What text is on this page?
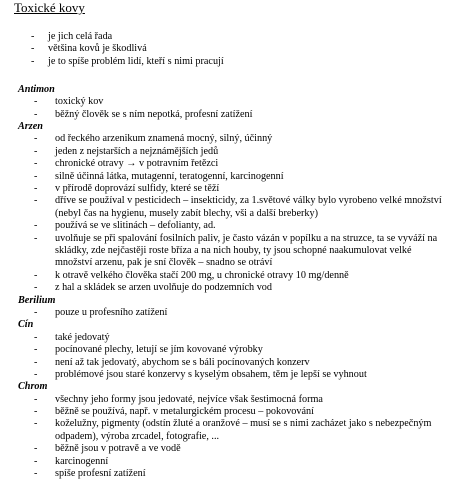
Toxické kovy
- je jich celá řada
- většina kovů je škodlivá
- je to spíše problém lidí, kteří s nimi pracují
Antimon
- toxický kov
- běžný člověk se s ním nepotká, profesní zatížení
Arzen
- od řeckého arzenikum znamená mocný, silný, účinný
- jeden z nejstarších a nejznámějších jedů
- chronické otravy → v potravním řetězci
- silně účinná látka, mutagenní, teratogenní, karcinogenní
- v přírodě doprovází sulfidy, které se těží
- dříve se používal v pesticidech – insekticidy, za 1.světové války bylo vyrobeno velké množství (nebyl čas na hygienu, musely zabít blechy, vši a další breberky)
- používá se ve slitinách – defolianty, ad.
- uvolňuje se při spalování fosilních paliv, je často vázán v popílku a na struzce, ta se vyváží na skládky, zde nejčastěji roste bříza a na nich houby, ty jsou schopné naakumulovat velké množství arzenu, pak je sní člověk – snadno se otráví
- k otravě velkého člověka stačí 200 mg, u chronické otravy 10 mg/denně
- z hal a skládek se arzen uvolňuje do podzemních vod
Berilium
- pouze u profesního zatížení
Cín
- také jedovatý
- pocínované plechy, letují se jím kovované výrobky
- není až tak jedovatý, abychom se s báli pocínovaných konzerv
- problémové jsou staré konzervy s kyselým obsahem, těm je lepší se vyhnout
Chrom
- všechny jeho formy jsou jedovaté, nejvíce však šestimocná forma
- běžně se používá, např. v metalurgickém procesu – pokovování
- koželužny, pigmenty (odstín žluté a oranžové – musí se s nimi zacházet jako s nebezpečným odpadem), výroba zrcadel, fotografie, ...
- běžně jsou v potravě a ve vodě
- karcinogenní
- spíše profesní zatížení
